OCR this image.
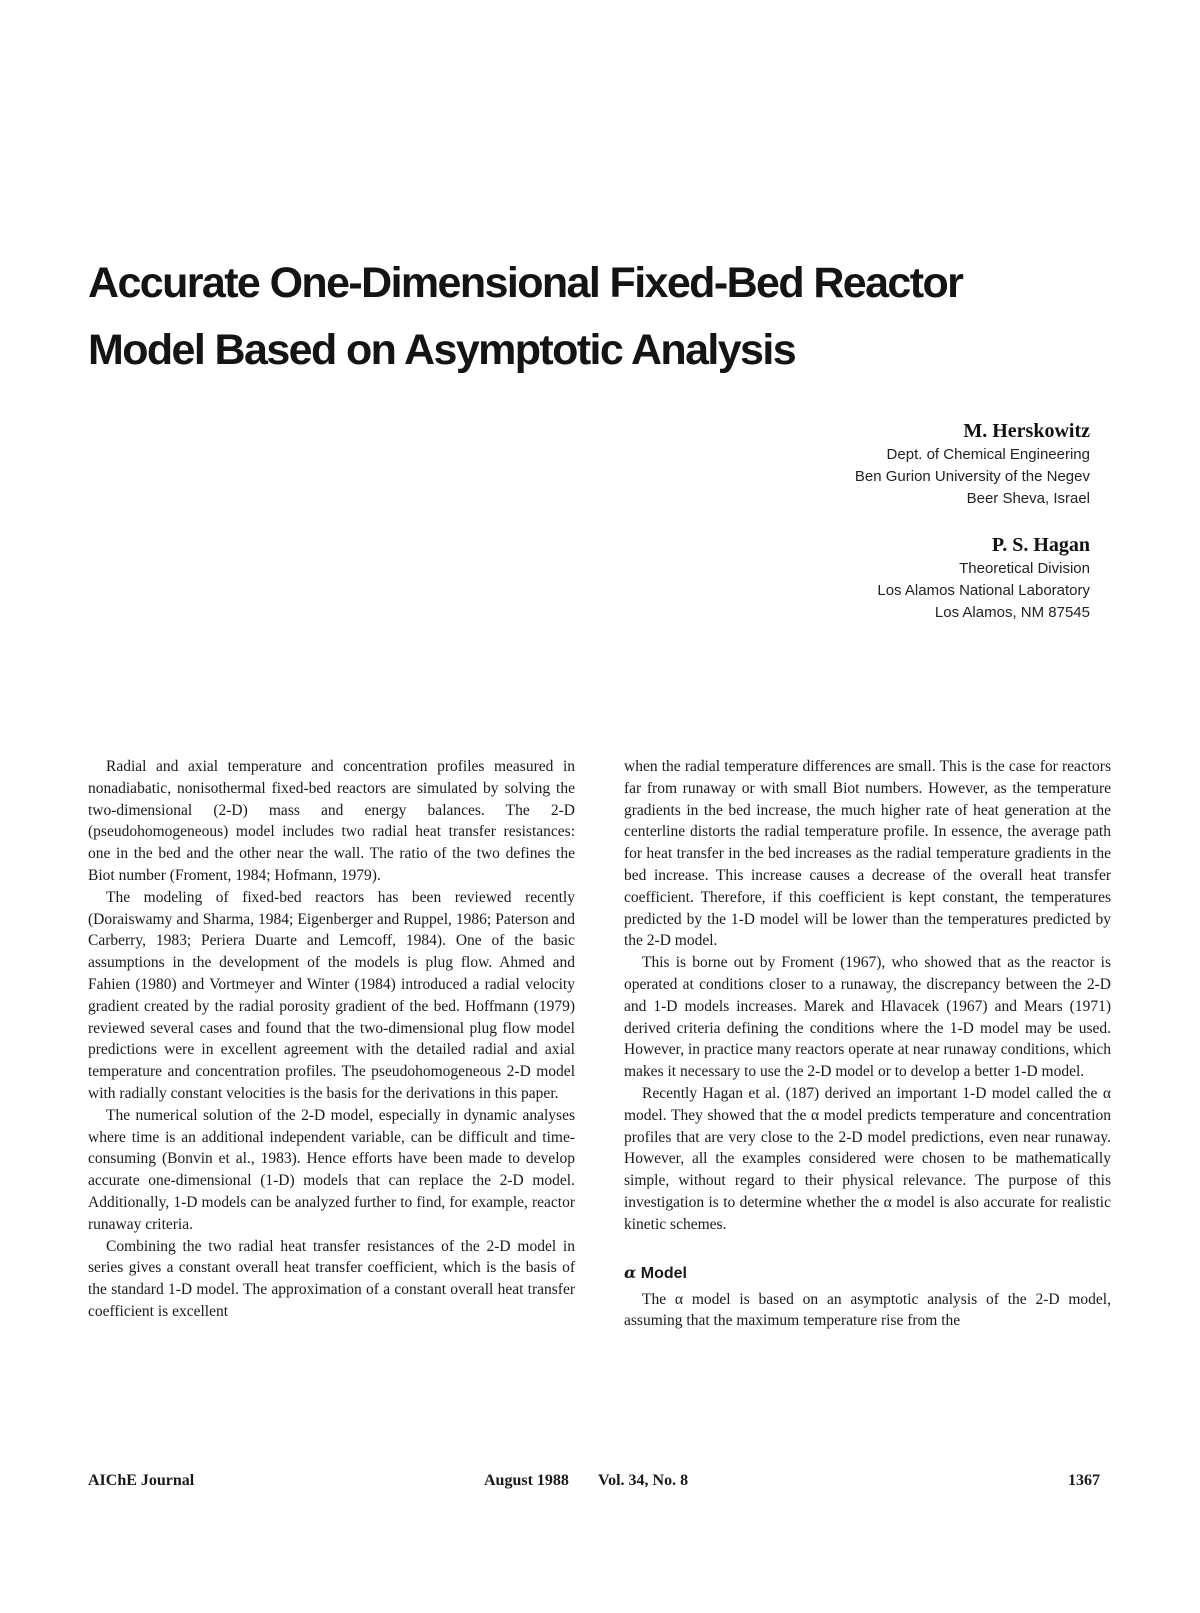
Accurate One-Dimensional Fixed-Bed Reactor
Model Based on Asymptotic Analysis
M. Herskowitz
Dept. of Chemical Engineering
Ben Gurion University of the Negev
Beer Sheva, Israel
P. S. Hagan
Theoretical Division
Los Alamos National Laboratory
Los Alamos, NM 87545

Radial and axial temperature and concentration profiles measured in nonadiabatic, nonisothermal fixed-bed reactors are simulated by solving the two-dimensional (2-D) mass and energy balances. The 2-D (pseudohomogeneous) model includes two radial heat transfer resistances: one in the bed and the other near the wall. The ratio of the two defines the Biot number (Froment, 1984; Hofmann, 1979).

The modeling of fixed-bed reactors has been reviewed recently (Doraiswamy and Sharma, 1984; Eigenberger and Ruppel, 1986; Paterson and Carberry, 1983; Periera Duarte and Lemcoff, 1984). One of the basic assumptions in the development of the models is plug flow. Ahmed and Fahien (1980) and Vortmeyer and Winter (1984) introduced a radial velocity gradient created by the radial porosity gradient of the bed. Hoffmann (1979) reviewed several cases and found that the two-dimensional plug flow model predictions were in excellent agreement with the detailed radial and axial temperature and concentration profiles. The pseudohomogeneous 2-D model with radially constant velocities is the basis for the derivations in this paper.

The numerical solution of the 2-D model, especially in dynamic analyses where time is an additional independent variable, can be difficult and time-consuming (Bonvin et al., 1983). Hence efforts have been made to develop accurate one-dimensional (1-D) models that can replace the 2-D model. Additionally, 1-D models can be analyzed further to find, for example, reactor runaway criteria.

Combining the two radial heat transfer resistances of the 2-D model in series gives a constant overall heat transfer coefficient, which is the basis of the standard 1-D model. The approximation of a constant overall heat transfer coefficient is excellent

when the radial temperature differences are small. This is the case for reactors far from runaway or with small Biot numbers. However, as the temperature gradients in the bed increase, the much higher rate of heat generation at the centerline distorts the radial temperature profile. In essence, the average path for heat transfer in the bed increases as the radial temperature gradients in the bed increase. This increase causes a decrease of the overall heat transfer coefficient. Therefore, if this coefficient is kept constant, the temperatures predicted by the 1-D model will be lower than the temperatures predicted by the 2-D model.

This is borne out by Froment (1967), who showed that as the reactor is operated at conditions closer to a runaway, the discrepancy between the 2-D and 1-D models increases. Marek and Hlavacek (1967) and Mears (1971) derived criteria defining the conditions where the 1-D model may be used. However, in practice many reactors operate at near runaway conditions, which makes it necessary to use the 2-D model or to develop a better 1-D model.

Recently Hagan et al. (187) derived an important 1-D model called the α model. They showed that the α model predicts temperature and concentration profiles that are very close to the 2-D model predictions, even near runaway. However, all the examples considered were chosen to be mathematically simple, without regard to their physical relevance. The purpose of this investigation is to determine whether the α model is also accurate for realistic kinetic schemes.

α Model

The α model is based on an asymptotic analysis of the 2-D model, assuming that the maximum temperature rise from the

AIChE Journal	August 1988 Vol. 34, No. 8	1367
